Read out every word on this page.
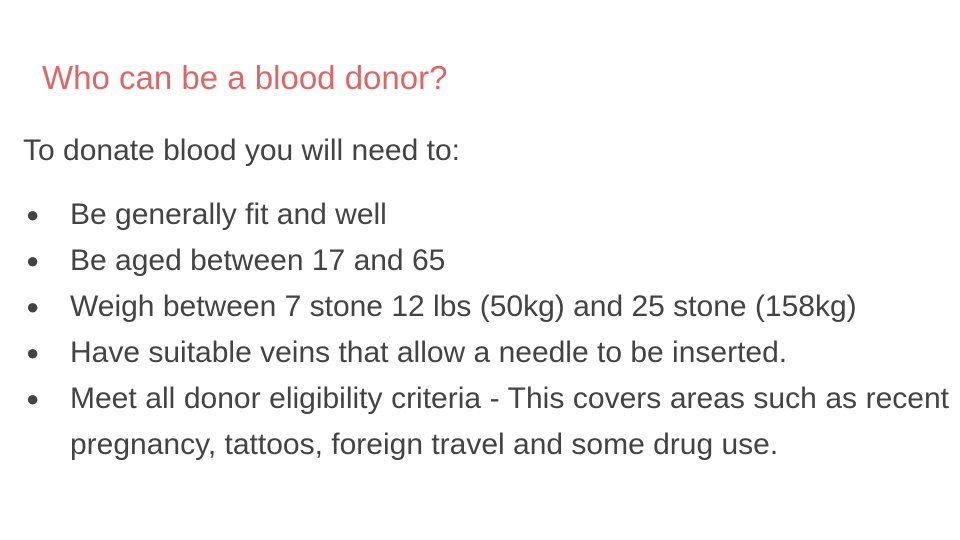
Who can be a blood donor?

To donate blood you will need to:

● Be generally fit and well
● Be aged between 17 and 65
● Weigh between 7 stone 12 lbs (50kg) and 25 stone (158kg)
● Have suitable veins that allow a needle to be inserted.
● Meet all donor eligibility criteria - This covers areas such as recent pregnancy, tattoos, foreign travel and some drug use.
